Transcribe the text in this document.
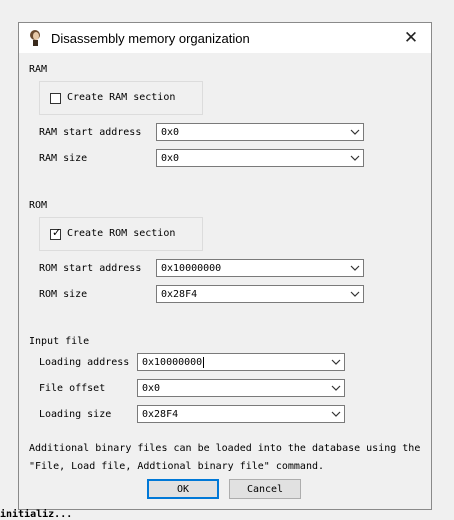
Disassembly memory organization	✕
RAM
Create RAM section
RAM start address 0x0
RAM size	0x0
ROM
✓ Create ROM section
ROM start address 0x10000000
ROM size	0x28F4
Input file
Loading address 0x10000000
File offset	0x0
Loading size	0x28F4
Additional binary files can be loaded into the database using the
"File, Load file, Addtional binary file" command.
OK	Cancel
initializ...
